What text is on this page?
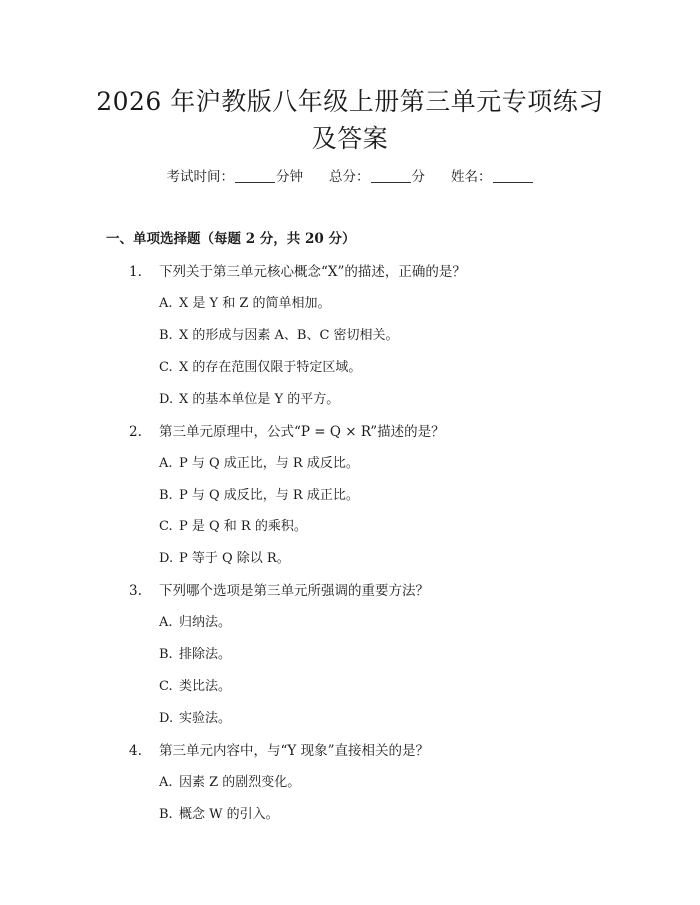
2026 年沪教版八年级上册第三单元专项练习
及答案
考试时间：	分钟 总分：	分 姓名：
一、单项选择题（每题 2 分，共 20 分）
1. 下列关于第三单元核心概念“X”的描述，正确的是？
A. X 是 Y 和 Z 的简单相加。
B. X 的形成与因素 A、B、C 密切相关。
C. X 的存在范围仅限于特定区域。
D. X 的基本单位是 Y 的平方。
2. 第三单元原理中，公式“P = Q × R”描述的是？
A. P 与 Q 成正比，与 R 成反比。
B. P 与 Q 成反比，与 R 成正比。
C. P 是 Q 和 R 的乘积。
D. P 等于 Q 除以 R。
3. 下列哪个选项是第三单元所强调的重要方法？
A. 归纳法。
B. 排除法。
C. 类比法。
D. 实验法。
4. 第三单元内容中，与“Y 现象”直接相关的是？
A. 因素 Z 的剧烈变化。
B. 概念 W 的引入。
